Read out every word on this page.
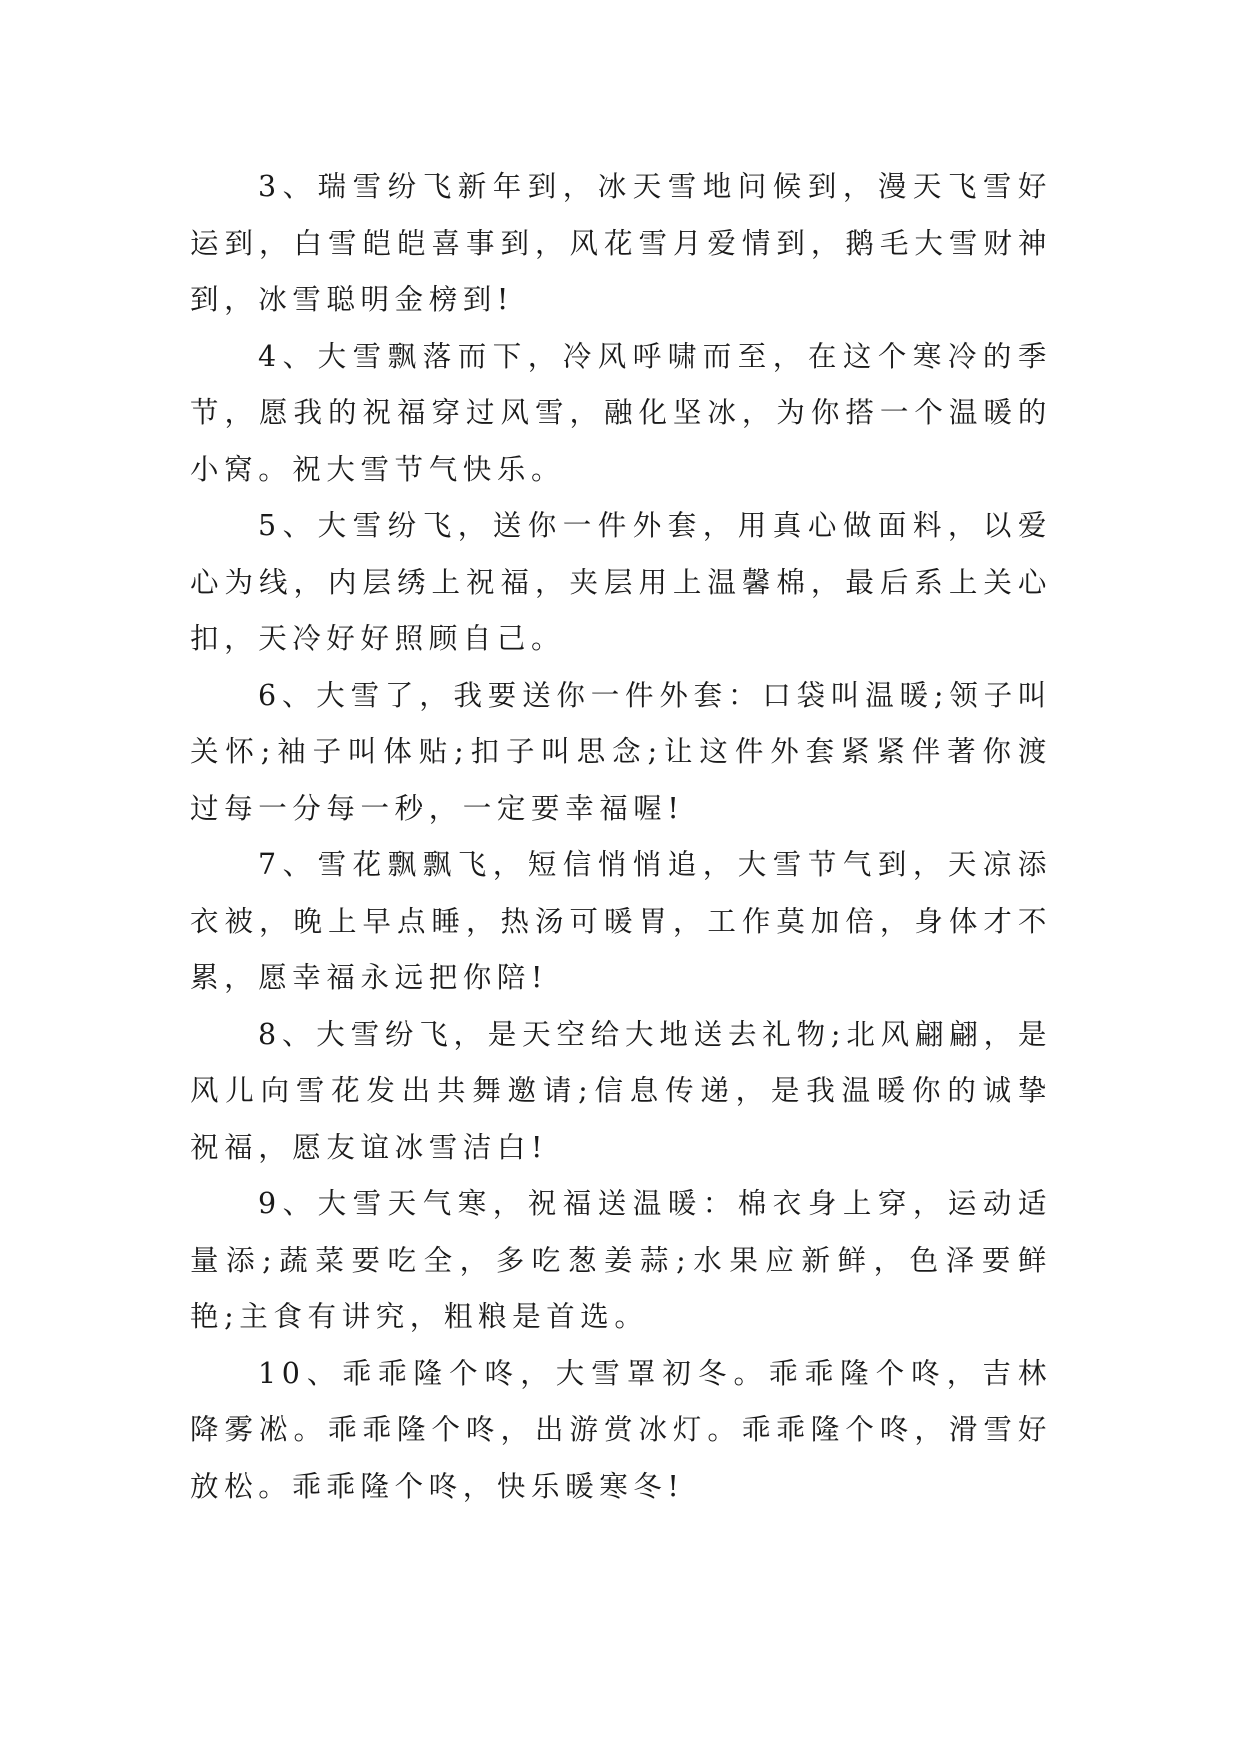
3、瑞雪纷飞新年到，冰天雪地问候到，漫天飞雪好运到，白雪皑皑喜事到，风花雪月爱情到，鹅毛大雪财神到，冰雪聪明金榜到!

4、大雪飘落而下，冷风呼啸而至，在这个寒冷的季节，愿我的祝福穿过风雪，融化坚冰，为你搭一个温暖的小窝。祝大雪节气快乐。

5、大雪纷飞，送你一件外套，用真心做面料，以爱心为线，内层绣上祝福，夹层用上温馨棉，最后系上关心扣，天冷好好照顾自己。

6、大雪了，我要送你一件外套：口袋叫温暖;领子叫关怀;袖子叫体贴;扣子叫思念;让这件外套紧紧伴著你渡过每一分每一秒，一定要幸福喔!

7、雪花飘飘飞，短信悄悄追，大雪节气到，天凉添衣被，晚上早点睡，热汤可暖胃，工作莫加倍，身体才不累，愿幸福永远把你陪!

8、大雪纷飞，是天空给大地送去礼物;北风翩翩，是风儿向雪花发出共舞邀请;信息传递，是我温暖你的诚挚祝福，愿友谊冰雪洁白!

9、大雪天气寒，祝福送温暖：棉衣身上穿，运动适量添;蔬菜要吃全，多吃葱姜蒜;水果应新鲜，色泽要鲜艳;主食有讲究，粗粮是首选。

10、乖乖隆个咚，大雪罩初冬。乖乖隆个咚，吉林降雾凇。乖乖隆个咚，出游赏冰灯。乖乖隆个咚，滑雪好放松。乖乖隆个咚，快乐暖寒冬!
